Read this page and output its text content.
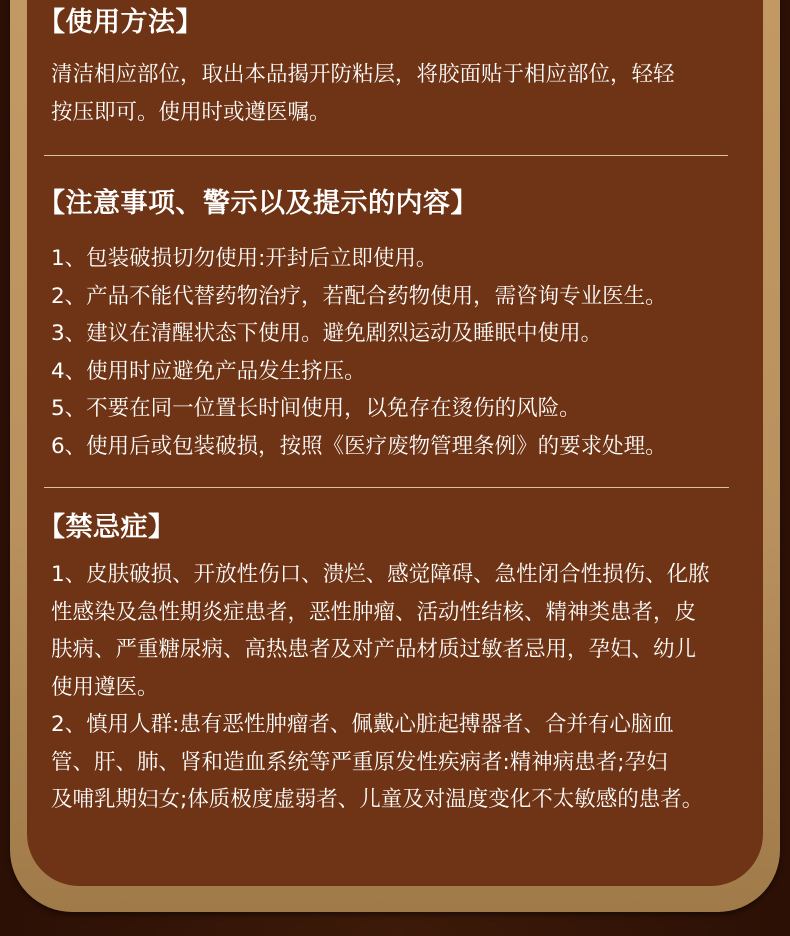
【使用方法】
清洁相应部位，取出本品揭开防粘层，将胶面贴于相应部位，轻轻
按压即可。使用时或遵医嘱。
【注意事项、警示以及提示的内容】
1、包装破损切勿使用:开封后立即使用。
2、产品不能代替药物治疗，若配合药物使用，需咨询专业医生。
3、建议在清醒状态下使用。避免剧烈运动及睡眠中使用。
4、使用时应避免产品发生挤压。
5、不要在同一位置长时间使用，以免存在烫伤的风险。
6、使用后或包装破损，按照《医疗废物管理条例》的要求处理。
【禁忌症】
1、皮肤破损、开放性伤口、溃烂、感觉障碍、急性闭合性损伤、化脓
性感染及急性期炎症患者，恶性肿瘤、活动性结核、精神类患者，皮
肤病、严重糖尿病、高热患者及对产品材质过敏者忌用，孕妇、幼儿
使用遵医。
2、慎用人群:患有恶性肿瘤者、佩戴心脏起搏器者、合并有心脑血
管、肝、肺、肾和造血系统等严重原发性疾病者:精神病患者;孕妇
及哺乳期妇女;体质极度虚弱者、儿童及对温度变化不太敏感的患者。
